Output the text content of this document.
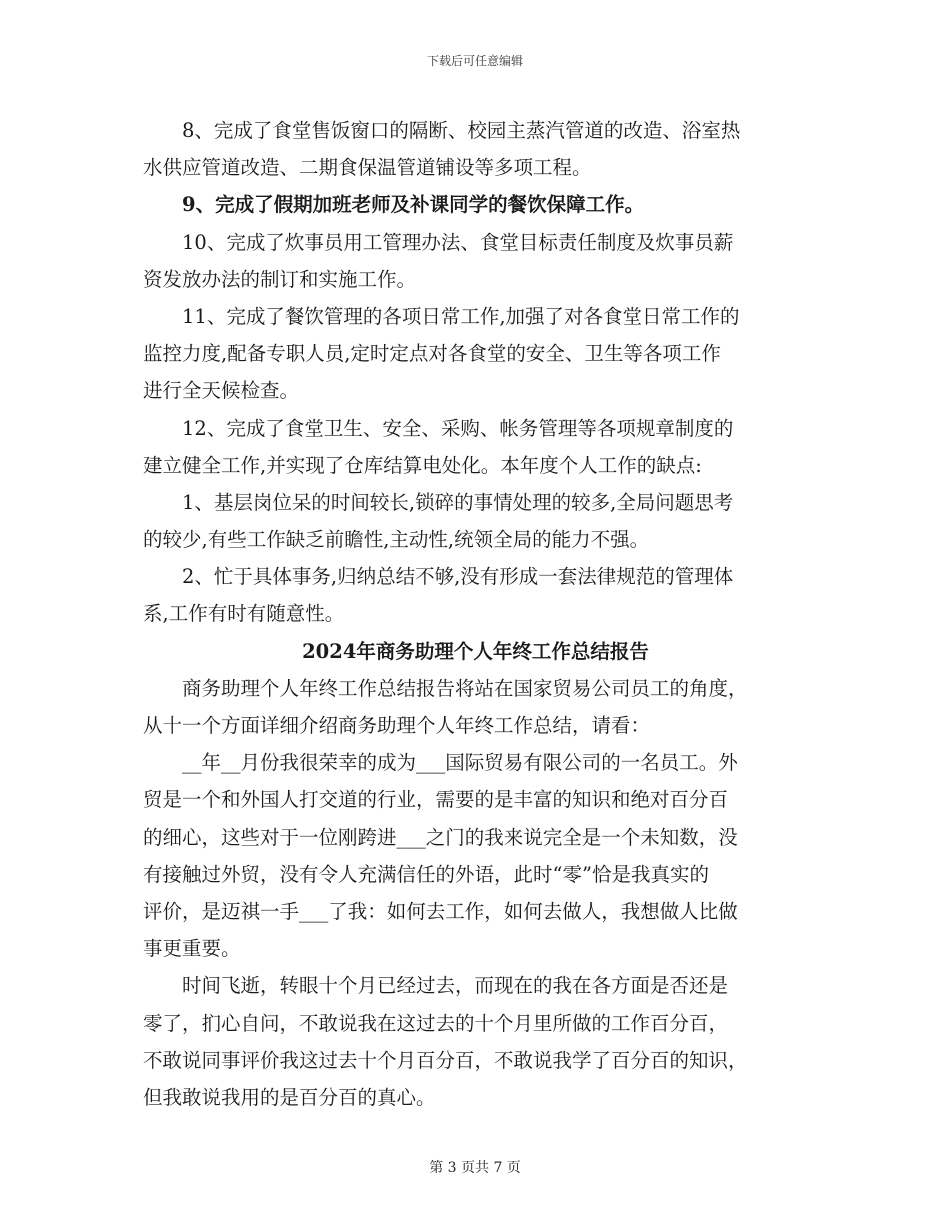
下载后可任意编辑
　　8、完成了食堂售饭窗口的隔断、校园主蒸汽管道的改造、浴室热
水供应管道改造、二期食保温管道铺设等多项工程。
　　9、完成了假期加班老师及补课同学的餐饮保障工作。
　　10、完成了炊事员用工管理办法、食堂目标责任制度及炊事员薪
资发放办法的制订和实施工作。
　　11、完成了餐饮管理的各项日常工作,加强了对各食堂日常工作的
监控力度,配备专职人员,定时定点对各食堂的安全、卫生等各项工作
进行全天候检查。
　　12、完成了食堂卫生、安全、采购、帐务管理等各项规章制度的
建立健全工作,并实现了仓库结算电处化。本年度个人工作的缺点:
　　1、基层岗位呆的时间较长,锁碎的事情处理的较多,全局问题思考
的较少,有些工作缺乏前瞻性,主动性,统领全局的能力不强。
　　2、忙于具体事务,归纳总结不够,没有形成一套法律规范的管理体
系,工作有时有随意性。
2024年商务助理个人年终工作总结报告
　　商务助理个人年终工作总结报告将站在国家贸易公司员工的角度，
从十一个方面详细介绍商务助理个人年终工作总结，请看：
　　__年__月份我很荣幸的成为___国际贸易有限公司的一名员工。外
贸是一个和外国人打交道的行业，需要的是丰富的知识和绝对百分百
的细心，这些对于一位刚跨进___之门的我来说完全是一个未知数，没
有接触过外贸，没有令人充满信任的外语，此时“零”恰是我真实的
评价，是迈祺一手___了我：如何去工作，如何去做人，我想做人比做
事更重要。
　　时间飞逝，转眼十个月已经过去，而现在的我在各方面是否还是
零了，扪心自问，不敢说我在这过去的十个月里所做的工作百分百，
不敢说同事评价我这过去十个月百分百，不敢说我学了百分百的知识，
但我敢说我用的是百分百的真心。
第 3 页共 7 页
